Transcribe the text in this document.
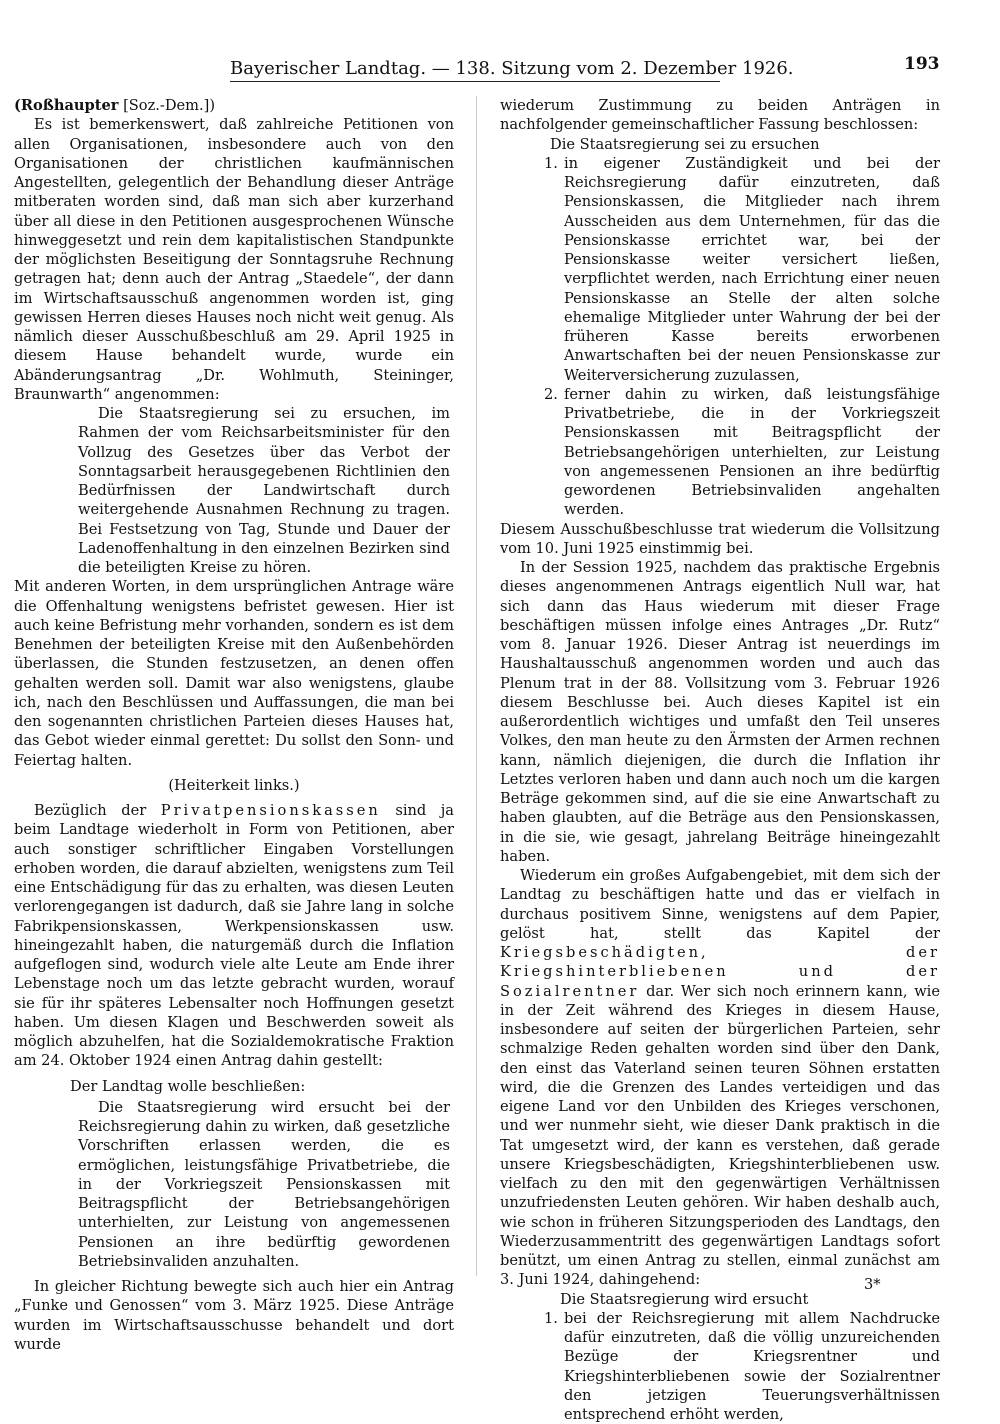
Bayerischer Landtag. — 138. Sitzung vom 2. Dezember 1926.	193

(Roßhaupter [Soz.-Dem.])

Es ist bemerkenswert, daß zahlreiche Petitionen von allen Organisationen, insbesondere auch von den Organisationen der christlichen kaufmännischen Angestellten, gelegentlich der Behandlung dieser Anträge mitberaten worden sind, daß man sich aber kurzerhand über all diese in den Petitionen ausgesprochenen Wünsche hinweggesetzt und rein dem kapitalistischen Standpunkte der möglichsten Beseitigung der Sonntagsruhe Rechnung getragen hat; denn auch der Antrag „Staedele“, der dann im Wirtschaftsausschuß angenommen worden ist, ging gewissen Herren dieses Hauses noch nicht weit genug. Als nämlich dieser Ausschußbeschluß am 29. April 1925 in diesem Hause behandelt wurde, wurde ein Abänderungsantrag „Dr. Wohlmuth, Steininger, Braunwarth“ angenommen:

Die Staatsregierung sei zu ersuchen, im Rahmen der vom Reichsarbeitsminister für den Vollzug des Gesetzes über das Verbot der Sonntagsarbeit herausgegebenen Richtlinien den Bedürfnissen der Landwirtschaft durch weitergehende Ausnahmen Rechnung zu tragen. Bei Festsetzung von Tag, Stunde und Dauer der Ladenoffenhaltung in den einzelnen Bezirken sind die beteiligten Kreise zu hören.

Mit anderen Worten, in dem ursprünglichen Antrage wäre die Offenhaltung wenigstens befristet gewesen. Hier ist auch keine Befristung mehr vorhanden, sondern es ist dem Benehmen der beteiligten Kreise mit den Außenbehörden überlassen, die Stunden festzusetzen, an denen offen gehalten werden soll. Damit war also wenigstens, glaube ich, nach den Beschlüssen und Auffassungen, die man bei den sogenannten christlichen Parteien dieses Hauses hat, das Gebot wieder einmal gerettet: Du sollst den Sonn- und Feiertag halten.

(Heiterkeit links.)

Bezüglich der Privatpensionskassen sind ja beim Landtage wiederholt in Form von Petitionen, aber auch sonstiger schriftlicher Eingaben Vorstellungen erhoben worden, die darauf abzielten, wenigstens zum Teil eine Entschädigung für das zu erhalten, was diesen Leuten verlorengegangen ist dadurch, daß sie Jahre lang in solche Fabrikpensionskassen, Werkpensionskassen usw. hineingezahlt haben, die naturgemäß durch die Inflation aufgeflogen sind, wodurch viele alte Leute am Ende ihrer Lebenstage noch um das letzte gebracht wurden, worauf sie für ihr späteres Lebensalter noch Hoffnungen gesetzt haben. Um diesen Klagen und Beschwerden soweit als möglich abzuhelfen, hat die Sozialdemokratische Fraktion am 24. Oktober 1924 einen Antrag dahin gestellt:

Der Landtag wolle beschließen:

Die Staatsregierung wird ersucht bei der Reichsregierung dahin zu wirken, daß gesetzliche Vorschriften erlassen werden, die es ermöglichen, leistungsfähige Privatbetriebe, die in der Vorkriegszeit Pensionskassen mit Beitragspflicht der Betriebsangehörigen unterhielten, zur Leistung von angemessenen Pensionen an ihre bedürftig gewordenen Betriebsinvaliden anzuhalten.

In gleicher Richtung bewegte sich auch hier ein Antrag „Funke und Genossen“ vom 3. März 1925. Diese Anträge wurden im Wirtschaftsausschusse behandelt und dort wurde

wiederum Zustimmung zu beiden Anträgen in nachfolgender gemeinschaftlicher Fassung beschlossen:

Die Staatsregierung sei zu ersuchen

1. in eigener Zuständigkeit und bei der Reichsregierung dafür einzutreten, daß Pensionskassen, die Mitglieder nach ihrem Ausscheiden aus dem Unternehmen, für das die Pensionskasse errichtet war, bei der Pensionskasse weiter versichert ließen, verpflichtet werden, nach Errichtung einer neuen Pensionskasse an Stelle der alten solche ehemalige Mitglieder unter Wahrung der bei der früheren Kasse bereits erworbenen Anwartschaften bei der neuen Pensionskasse zur Weiterversicherung zuzulassen,
2. ferner dahin zu wirken, daß leistungsfähige Privatbetriebe, die in der Vorkriegszeit Pensionskassen mit Beitragspflicht der Betriebsangehörigen unterhielten, zur Leistung von angemessenen Pensionen an ihre bedürftig gewordenen Betriebsinvaliden angehalten werden.

Diesem Ausschußbeschlusse trat wiederum die Vollsitzung vom 10. Juni 1925 einstimmig bei.

In der Session 1925, nachdem das praktische Ergebnis dieses angenommenen Antrags eigentlich Null war, hat sich dann das Haus wiederum mit dieser Frage beschäftigen müssen infolge eines Antrages „Dr. Rutz“ vom 8. Januar 1926. Dieser Antrag ist neuerdings im Haushaltausschuß angenommen worden und auch das Plenum trat in der 88. Vollsitzung vom 3. Februar 1926 diesem Beschlusse bei. Auch dieses Kapitel ist ein außerordentlich wichtiges und umfaßt den Teil unseres Volkes, den man heute zu den Ärmsten der Armen rechnen kann, nämlich diejenigen, die durch die Inflation ihr Letztes verloren haben und dann auch noch um die kargen Beträge gekommen sind, auf die sie eine Anwartschaft zu haben glaubten, auf die Beträge aus den Pensionskassen, in die sie, wie gesagt, jahrelang Beiträge hineingezahlt haben.

Wiederum ein großes Aufgabengebiet, mit dem sich der Landtag zu beschäftigen hatte und das er vielfach in durchaus positivem Sinne, wenigstens auf dem Papier, gelöst hat, stellt das Kapitel der Kriegsbeschädigten, der Kriegshinterbliebenen und der Sozialrentner dar. Wer sich noch erinnern kann, wie in der Zeit während des Krieges in diesem Hause, insbesondere auf seiten der bürgerlichen Parteien, sehr schmalzige Reden gehalten worden sind über den Dank, den einst das Vaterland seinen teuren Söhnen erstatten wird, die die Grenzen des Landes verteidigen und das eigene Land vor den Unbilden des Krieges verschonen, und wer nunmehr sieht, wie dieser Dank praktisch in die Tat umgesetzt wird, der kann es verstehen, daß gerade unsere Kriegsbeschädigten, Kriegshinterbliebenen usw. vielfach zu den mit den gegenwärtigen Verhältnissen unzufriedensten Leuten gehören. Wir haben deshalb auch, wie schon in früheren Sitzungsperioden des Landtags, den Wiederzusammentritt des gegenwärtigen Landtags sofort benützt, um einen Antrag zu stellen, einmal zunächst am 3. Juni 1924, dahingehend:

Die Staatsregierung wird ersucht

1. bei der Reichsregierung mit allem Nachdrucke dafür einzutreten, daß die völlig unzureichenden Bezüge der Kriegsrentner und Kriegshinterbliebenen sowie der Sozialrentner den jetzigen Teuerungsverhältnissen entsprechend erhöht werden,
3*
